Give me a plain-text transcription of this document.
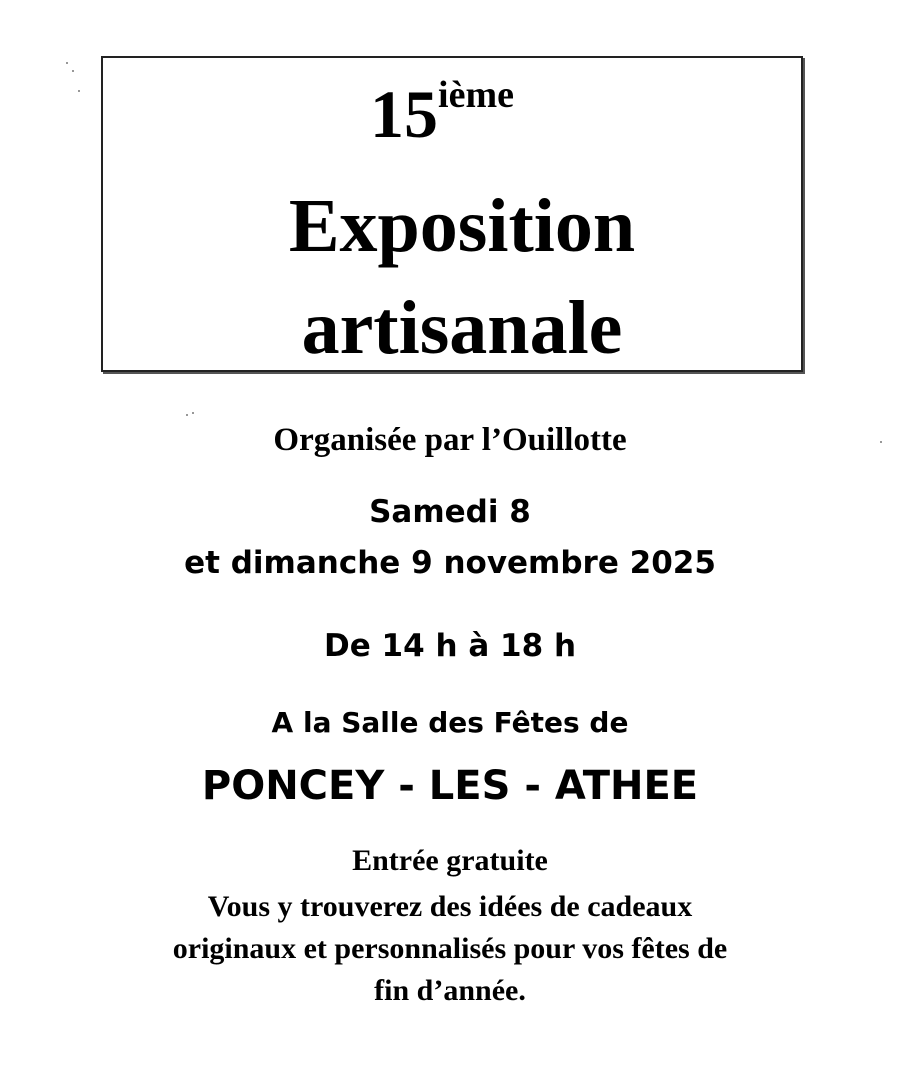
15ième
Exposition
artisanale
Organisée par l’Ouillotte
Samedi 8
et dimanche 9 novembre 2025
De 14 h à 18 h
A la Salle des Fêtes de
PONCEY - LES - ATHEE
Entrée gratuite
Vous y trouverez des idées de cadeaux
originaux et personnalisés pour vos fêtes de
fin d’année.
